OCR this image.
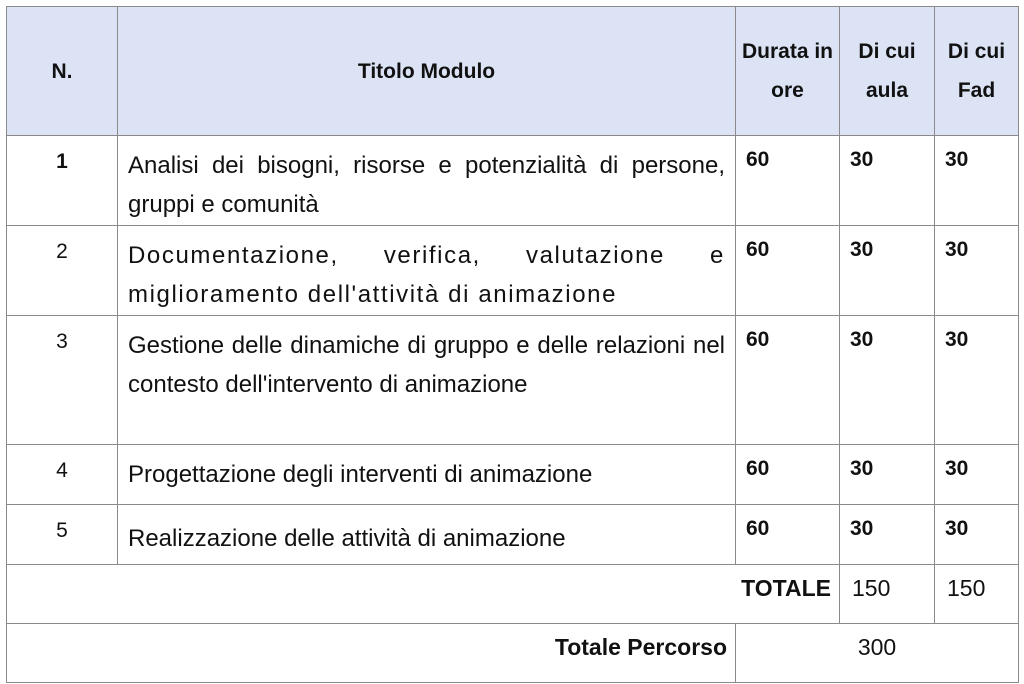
N.	Titolo Modulo	Durata in ore	Di cui aula	Di cui Fad
1	Analisi dei bisogni, risorse e potenzialità di persone, gruppi e comunità	60	30	30
2	Documentazione, verifica, valutazione e miglioramento dell'attività di animazione	60	30	30
3	Gestione delle dinamiche di gruppo e delle relazioni nel contesto dell'intervento di animazione	60	30	30
4	Progettazione degli interventi di animazione	60	30	30
5	Realizzazione delle attività di animazione	60	30	30
TOTALE			150	150
Totale Percorso		300		
